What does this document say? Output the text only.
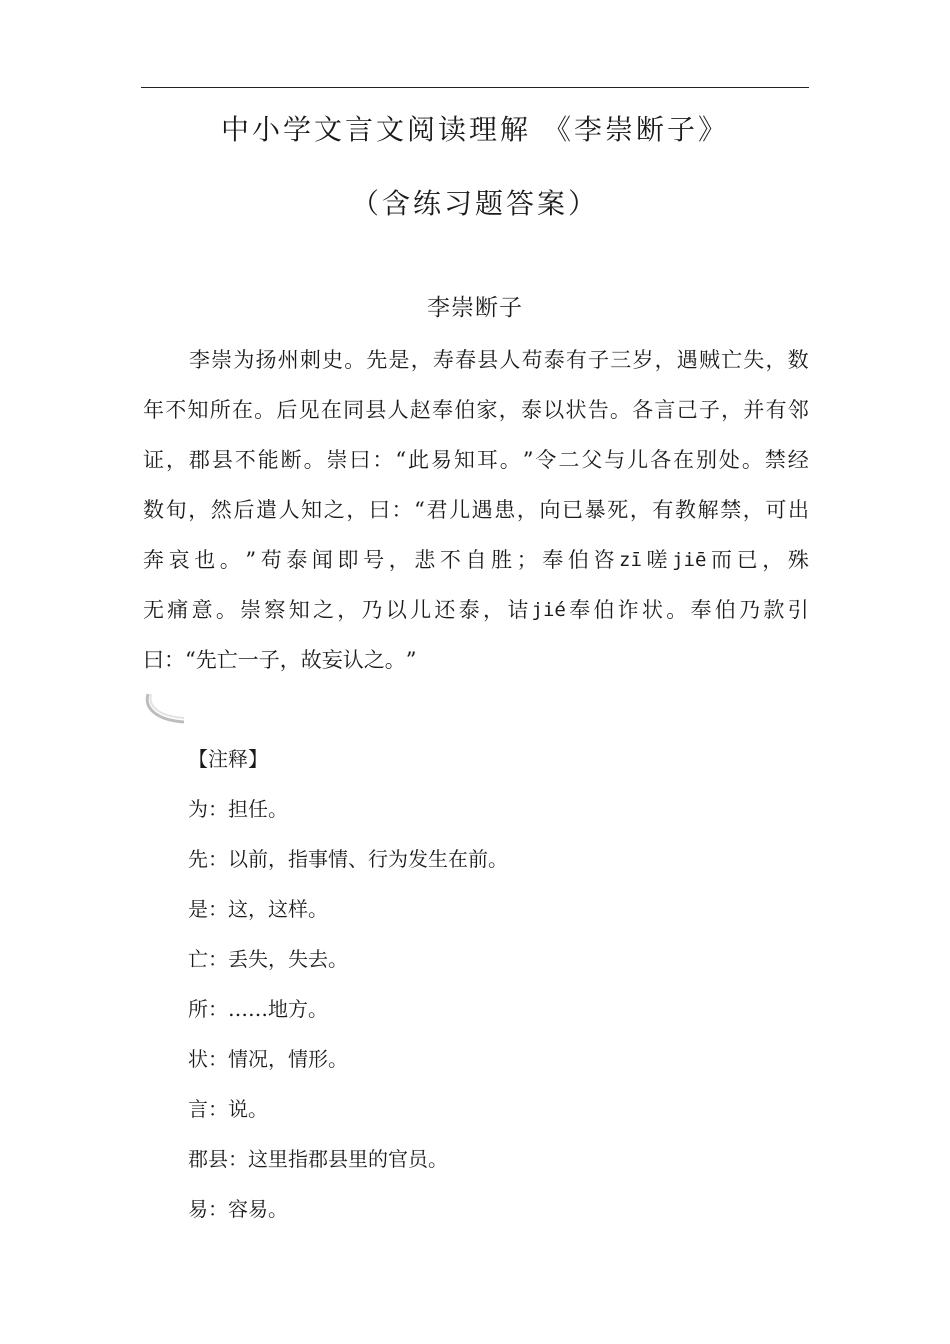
中小学文言文阅读理解 《李崇断子》
（含练习题答案）
李崇断子
李 崇 为 扬 州 刺 史 。 先 是 ， 寿 春 县 人 苟 泰 有 子 三 岁 ， 遇 贼 亡 失 ， 数
年 不 知 所 在 。 后 见 在 同 县 人 赵 奉 伯 家 ， 泰 以 状 告 。 各 言 己 子 ， 并 有 邻
证 ， 郡 县 不 能 断 。 崇 曰 ： “ 此 易 知 耳 。 ” 令 二 父 与 儿 各 在 别 处 。 禁 经
数 旬 ， 然 后 遣 人 知 之 ， 曰 ： “ 君 儿 遇 患 ， 向 已 暴 死 ， 有 教 解 禁 ， 可 出
奔 哀 也 。 ” 苟 泰 闻 即 号 ， 悲 不 自 胜 ； 奉 伯 咨 zī 嗟 jiē 而 已 ， 殊
无 痛 意 。 崇 察 知 之 ， 乃 以 儿 还 泰 ， 诘 jié 奉 伯 诈 状 。 奉 伯 乃 款 引
曰 ： “ 先 亡 一 子 ， 故 妄 认 之 。 ”
【注释】
为：担任。
先：以前，指事情、行为发生在前。
是：这，这样。
亡：丢失，失去。
所：……地方。
状：情况，情形。
言：说。
郡县：这里指郡县里的官员。
易：容易。
